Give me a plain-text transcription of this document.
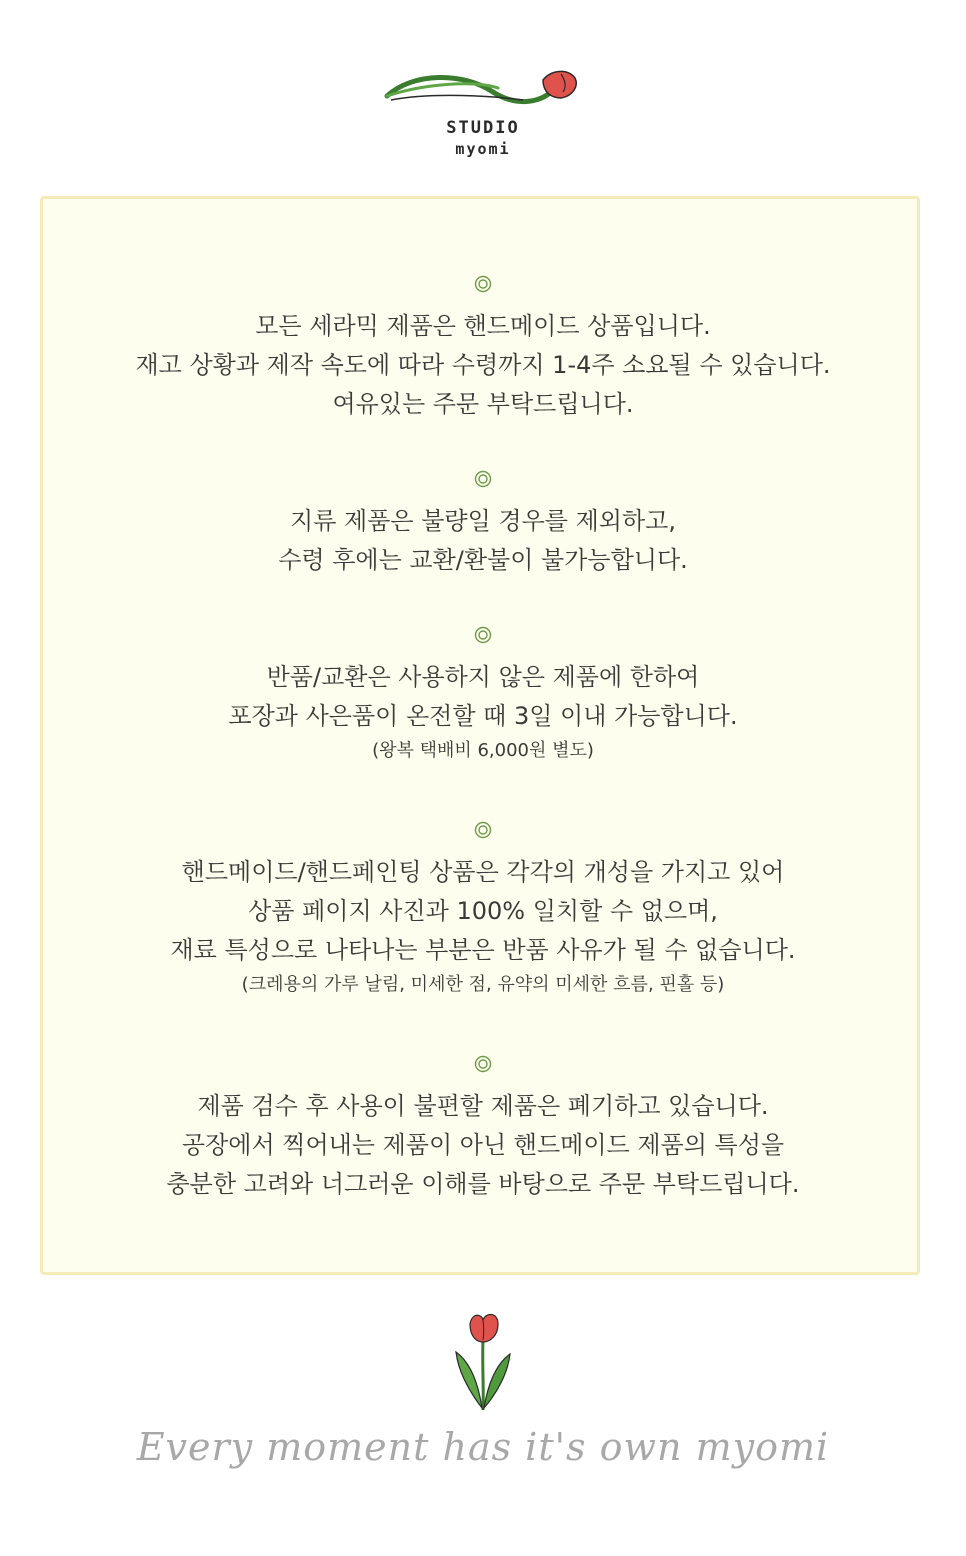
STUDIO
myomi
모든 세라믹 제품은 핸드메이드 상품입니다.
재고 상황과 제작 속도에 따라 수령까지 1-4주 소요될 수 있습니다.
여유있는 주문 부탁드립니다.
지류 제품은 불량일 경우를 제외하고,
수령 후에는 교환/환불이 불가능합니다.
반품/교환은 사용하지 않은 제품에 한하여
포장과 사은품이 온전할 때 3일 이내 가능합니다.
(왕복 택배비 6,000원 별도)
핸드메이드/핸드페인팅 상품은 각각의 개성을 가지고 있어
상품 페이지 사진과 100% 일치할 수 없으며,
재료 특성으로 나타나는 부분은 반품 사유가 될 수 없습니다.
(크레용의 가루 날림, 미세한 점, 유약의 미세한 흐름, 핀홀 등)
제품 검수 후 사용이 불편할 제품은 폐기하고 있습니다.
공장에서 찍어내는 제품이 아닌 핸드메이드 제품의 특성을
충분한 고려와 너그러운 이해를 바탕으로 주문 부탁드립니다.
Every moment has it's own myomi
